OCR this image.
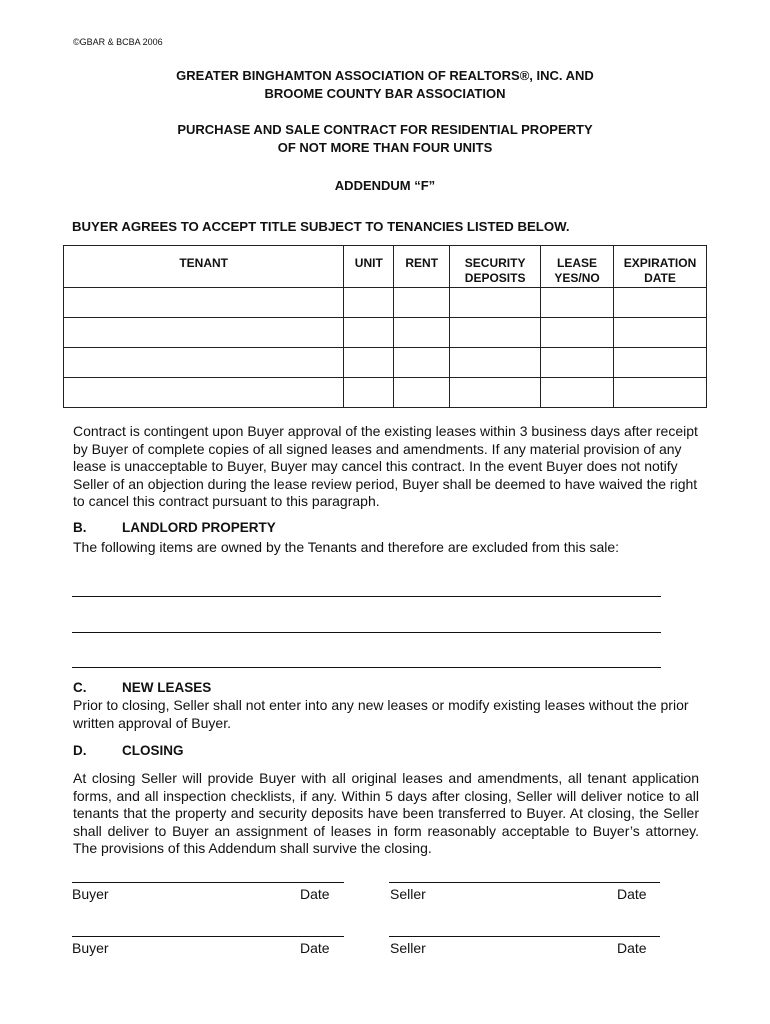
©GBAR & BCBA 2006
GREATER BINGHAMTON ASSOCIATION OF REALTORS®, INC. AND
BROOME COUNTY BAR ASSOCIATION
PURCHASE AND SALE CONTRACT FOR RESIDENTIAL PROPERTY
OF NOT MORE THAN FOUR UNITS
ADDENDUM “F”
BUYER AGREES TO ACCEPT TITLE SUBJECT TO TENANCIES LISTED BELOW.
TENANT	UNIT	RENT	SECURITY DEPOSITS	LEASE YES/NO	EXPIRATION DATE

Contract is contingent upon Buyer approval of the existing leases within 3 business days after receipt by Buyer of complete copies of all signed leases and amendments. If any material provision of any lease is unacceptable to Buyer, Buyer may cancel this contract. In the event Buyer does not notify Seller of an objection during the lease review period, Buyer shall be deemed to have waived the right to cancel this contract pursuant to this paragraph.
B.	LANDLORD PROPERTY
The following items are owned by the Tenants and therefore are excluded from this sale:
C.	NEW LEASES
Prior to closing, Seller shall not enter into any new leases or modify existing leases without the prior written approval of Buyer.
D.	CLOSING
At closing Seller will provide Buyer with all original leases and amendments, all tenant application forms, and all inspection checklists, if any. Within 5 days after closing, Seller will deliver notice to all tenants that the property and security deposits have been transferred to Buyer. At closing, the Seller shall deliver to Buyer an assignment of leases in form reasonably acceptable to Buyer’s attorney. The provisions of this Addendum shall survive the closing.
Buyer	Date	Seller	Date
Buyer	Date	Seller	Date
